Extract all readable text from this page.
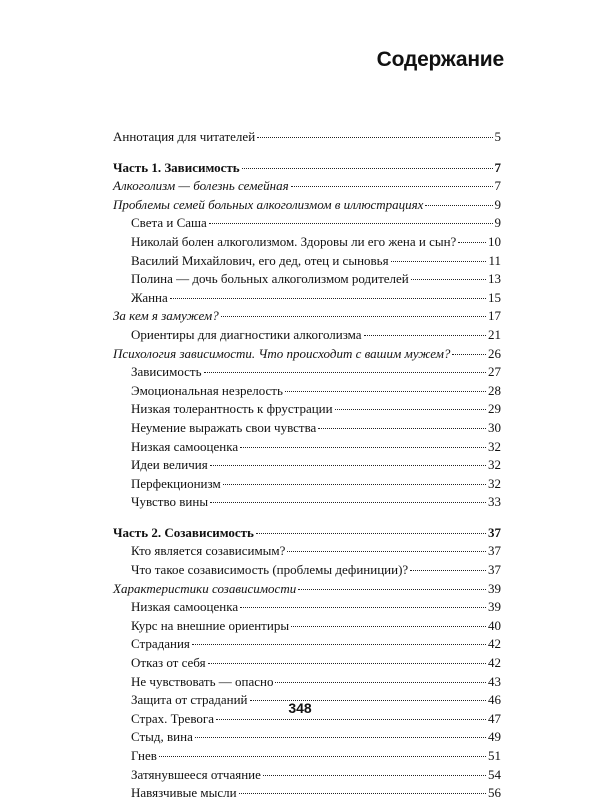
Содержание
Аннотация для читателей	5
Часть 1. Зависимость	7
Алкоголизм — болезнь семейная	7
Проблемы семей больных алкоголизмом в иллюстрациях	9
Света и Саша	9
Николай болен алкоголизмом. Здоровы ли его жена и сын? 10
Василий Михайлович, его дед, отец и сыновья	11
Полина — дочь больных алкоголизмом родителей	13
Жанна	15
За кем я замужем?	17
Ориентиры для диагностики алкоголизма	21
Психология зависимости. Что происходит с вашим мужем?	26
Зависимость	27
Эмоциональная незрелость	28
Низкая толерантность к фрустрации	29
Неумение выражать свои чувства	30
Низкая самооценка	32
Идеи величия	32
Перфекционизм	32
Чувство вины	33
Часть 2. Созависимость	37
Кто является созависимым?	37
Что такое созависимость (проблемы дефиниции)?	37
Характеристики созависимости	39
Низкая самооценка	39
Курс на внешние ориентиры	40
Страдания	42
Отказ от себя	42
Не чувствовать — опасно	43
Защита от страданий	46
Страх. Тревога	47
Стыд, вина	49
Гнев	51
Затянувшееся отчаяние	54
Навязчивые мысли	56
348
